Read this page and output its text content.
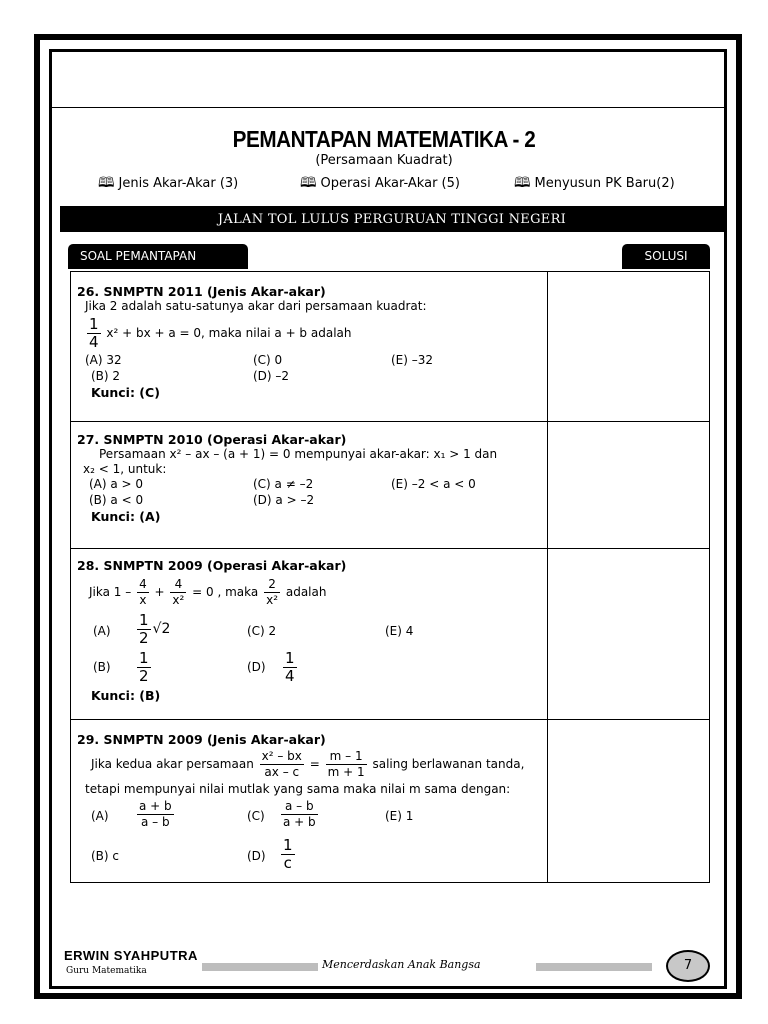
PEMANTAPAN MATEMATIKA - 2
(Persamaan Kuadrat)
🕮 Jenis Akar-Akar (3)	🕮 Operasi Akar-Akar (5)	🕮 Menyusun PK Baru(2)
JALAN TOL LULUS PERGURUAN TINGGI NEGERI
SOAL PEMANTAPAN	SOLUSI
26. SNMPTN 2011 (Jenis Akar-akar)
Jika 2 adalah satu-satunya akar dari persamaan kuadrat:
$\frac{1}{4} x^2$ + bx + a = 0, maka nilai a + b adalah
(A) 32	(C) 0	(E) –32
(B) 2	(D) –2
Kunci: (C)
27. SNMPTN 2010 (Operasi Akar-akar)
Persamaan x² – ax – (a + 1) = 0 mempunyai akar-akar: x₁ > 1 dan
x₂ < 1, untuk:
(A) a > 0	(C) a ≠ –2	(E) –2 < a < 0
(B) a < 0	(D) a > –2
Kunci: (A)
28. SNMPTN 2009 (Operasi Akar-akar)
Jika $1 - \frac{4}{x} + \frac{4}{\text{x²}} = 0$ , maka $\frac{2}{\text{x²}}$ adalah
$(A) \frac{1}{2} √2$	(C) 2	(E) 4
$(B) \frac{1}{2}$	$(D) \frac{1}{4}$
Kunci: (B)
29. SNMPTN 2009 (Jenis Akar-akar)
Jika kedua akar persamaan $\frac{\text{x² – bx}}{ax - c} = \frac{m - 1}{m + 1}$ saling berlawanan tanda,
tetapi mempunyai nilai mutlak yang sama maka nilai m sama dengan:
$(A) \frac{a + b}{a - b}$	$(C) \frac{a - b}{a + b}$	(E) 1
(B) c	$(D) \frac{1}{c}$
ERWIN SYAHPUTRA
Guru Matematika	Mencerdaskan Anak Bangsa	7
